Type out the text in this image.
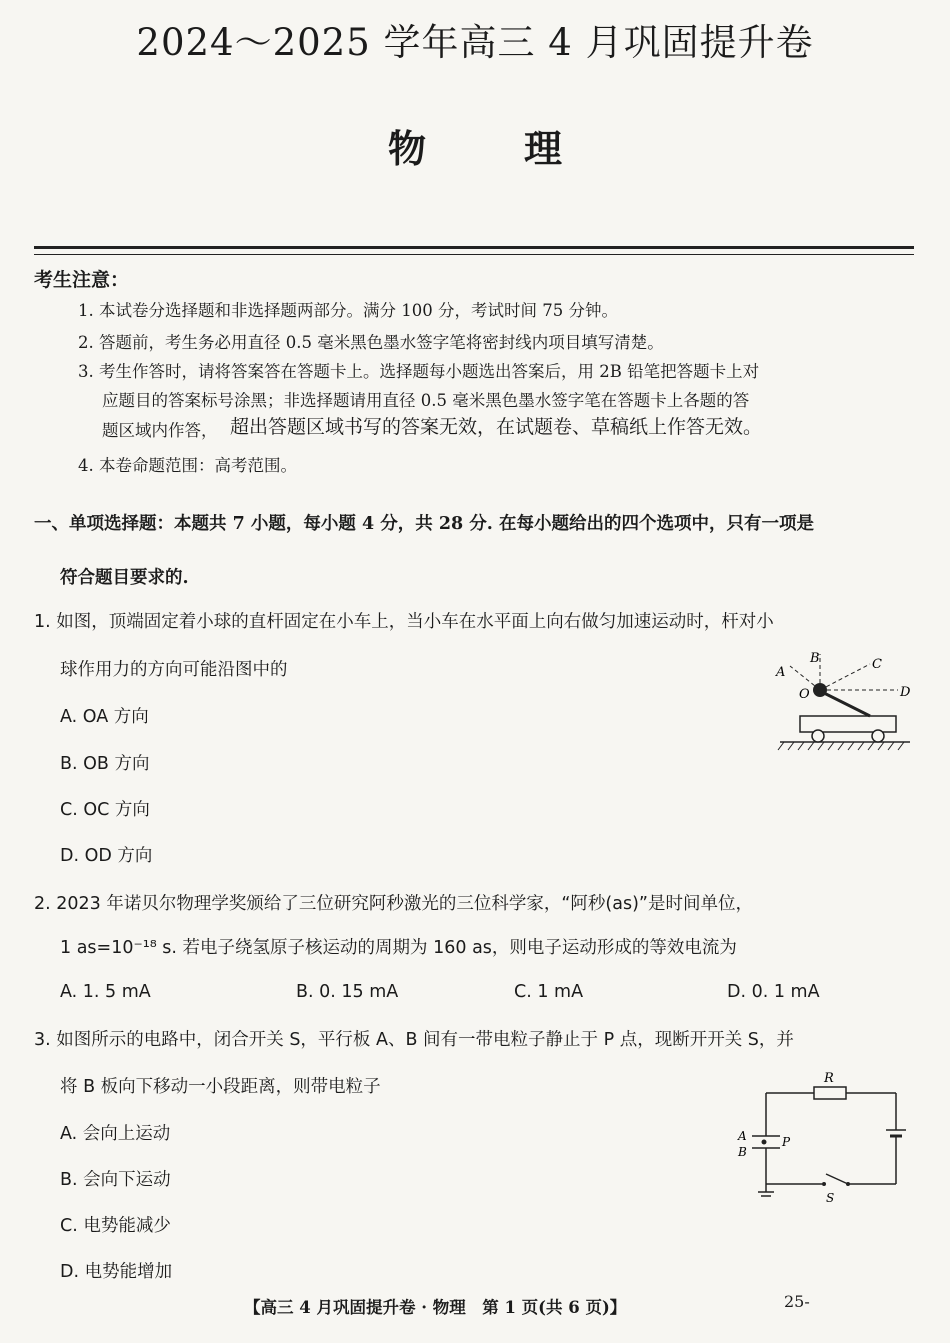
2024～2025 学年高三 4 月巩固提升卷
物	理
考生注意：
1. 本试卷分选择题和非选择题两部分。满分 100 分，考试时间 75 分钟。
2. 答题前，考生务必用直径 0.5 毫米黑色墨水签字笔将密封线内项目填写清楚。
3. 考生作答时，请将答案答在答题卡上。选择题每小题选出答案后，用 2B 铅笔把答题卡上对
应题目的答案标号涂黑；非选择题请用直径 0.5 毫米黑色墨水签字笔在答题卡上各题的答
题区域内作答， 超出答题区域书写的答案无效，在试题卷、草稿纸上作答无效。
4. 本卷命题范围：高考范围。
一、单项选择题：本题共 7 小题，每小题 4 分，共 28 分. 在每小题给出的四个选项中，只有一项是
符合题目要求的.
1. 如图，顶端固定着小球的直杆固定在小车上，当小车在水平面上向右做匀加速运动时，杆对小
球作用力的方向可能沿图中的
A. OA 方向
B. OB 方向
C. OC 方向
D. OD 方向
A
B	C
D
O
2. 2023 年诺贝尔物理学奖颁给了三位研究阿秒激光的三位科学家，“阿秒(as)”是时间单位，
1 as=10⁻¹⁸ s. 若电子绕氢原子核运动的周期为 160 as，则电子运动形成的等效电流为
A. 1. 5 mA	B. 0. 15 mA	C. 1 mA	D. 0. 1 mA
3. 如图所示的电路中，闭合开关 S，平行板 A、B 间有一带电粒子静止于 P 点，现断开开关 S，并
将 B 板向下移动一小段距离，则带电粒子
A. 会向上运动
B. 会向下运动
C. 电势能减少
D. 电势能增加
R
A
B
P
S
【高三 4 月巩固提升卷 · 物理　第 1 页(共 6 页)】	25-
